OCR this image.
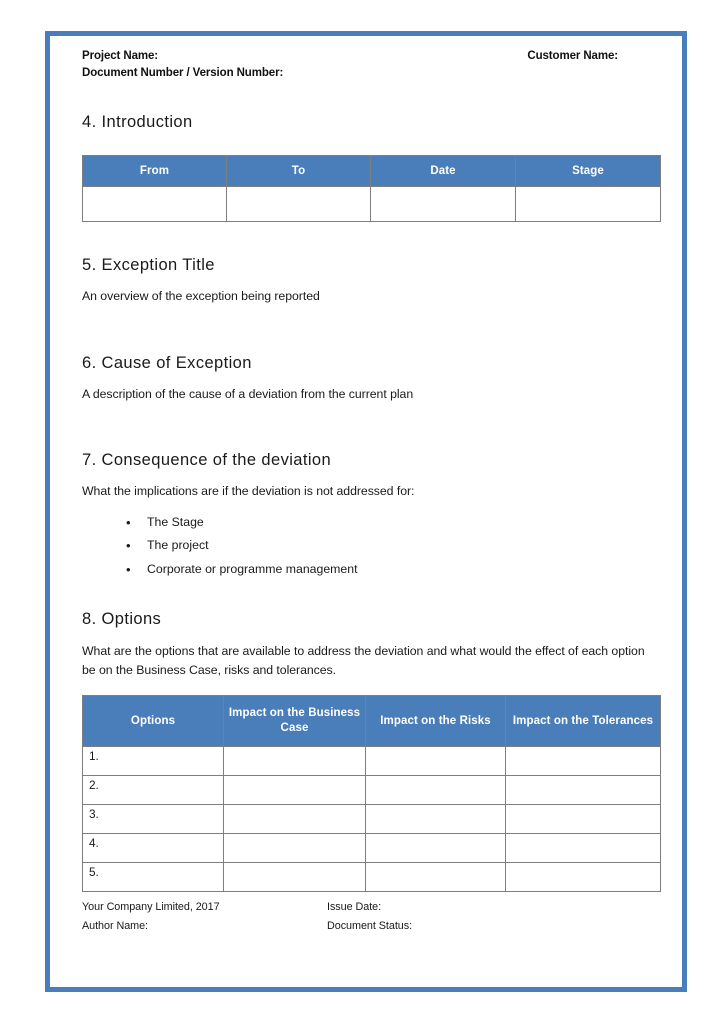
Project Name:
Document Number / Version Number:
Customer Name:
4. Introduction
From	To	Date	Stage

5. Exception Title

An overview of the exception being reported

6. Cause of Exception

A description of the cause of a deviation from the current plan

7. Consequence of the deviation

What the implications are if the deviation is not addressed for:

• The Stage
• The project
• Corporate or programme management
8. Options

What are the options that are available to address the deviation and what would the effect of each option be on the Business Case, risks and tolerances.

Options	Impact on the Business Case	Impact on the Risks	Impact on the Tolerances
1.			
2.			
3.			
4.			
5.			
Your Company Limited, 2017	Issue Date:
Author Name:	Document Status:
